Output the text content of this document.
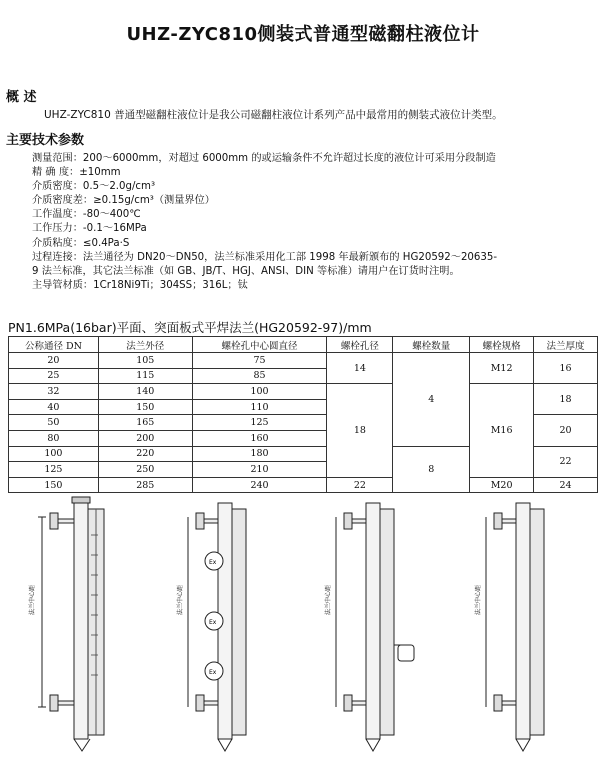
UHZ-ZYC810侧装式普通型磁翻柱液位计
概 述
UHZ-ZYC810 普通型磁翻柱液位计是我公司磁翻柱液位计系列产品中最常用的侧装式液位计类型。
主要技术参数
测量范围：200～6000mm，对超过 6000mm 的或运输条件不允许超过长度的液位计可采用分段制造
精 确 度：±10mm
介质密度：0.5～2.0g/cm³
介质密度差：≥0.15g/cm³（测量界位）
工作温度：-80～400℃
工作压力：-0.1～16MPa
介质粘度：≤0.4Pa·S
过程连接：法兰通径为 DN20～DN50，法兰标准采用化工部 1998 年最新颁布的 HG20592～20635-
9 法兰标准，其它法兰标准（如 GB、JB/T、HGJ、ANSI、DIN 等标准）请用户在订货时注明。
主导管材质：1Cr18Ni9Ti；304SS；316L；钛
PN1.6MPa(16bar)平面、突面板式平焊法兰(HG20592-97)/mm
公称通径 DN	法兰外径	螺栓孔中心圆直径	螺栓孔径	螺栓数量	螺栓规格	法兰厚度
20	105	75	14	4	M12	16
25	115	85				
32	140	100	18		M16	18
40	150	110				
50	165	125				20
80	200	160				
100	220	180		8		22
125	250	210				
150	285	240	22		M20	24
法兰中心距
Ex
Ex
Ex
法兰中心距	法兰中心距	法兰中心距
